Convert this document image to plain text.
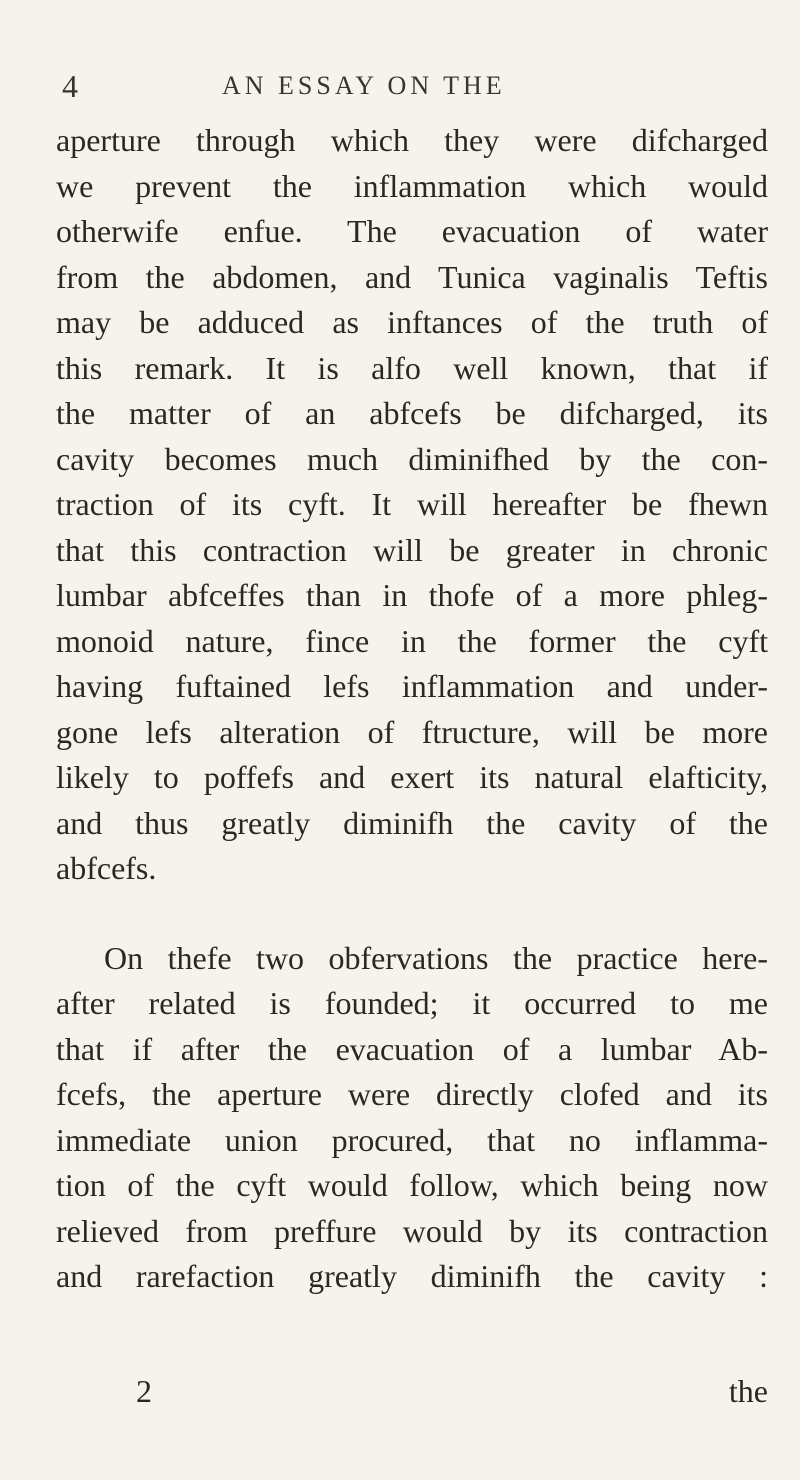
4	AN ESSAY ON THE
aperture through which they were difcharged
we prevent the inflammation which would
otherwife enfue. The evacuation of water
from the abdomen, and Tunica vaginalis Teftis
may be adduced as inftances of the truth of
this remark. It is alfo well known, that if
the matter of an abfcefs be difcharged, its
cavity becomes much diminifhed by the con-
traction of its cyft. It will hereafter be fhewn
that this contraction will be greater in chronic
lumbar abfceffes than in thofe of a more phleg-
monoid nature, fince in the former the cyft
having fuftained lefs inflammation and under-
gone lefs alteration of ftructure, will be more
likely to poffefs and exert its natural elafticity,
and thus greatly diminifh the cavity of the
abfcefs.
On thefe two obfervations the practice here-
after related is founded; it occurred to me
that if after the evacuation of a lumbar Ab-
fcefs, the aperture were directly clofed and its
immediate union procured, that no inflamma-
tion of the cyft would follow, which being now
relieved from preffure would by its contraction
and rarefaction greatly diminifh the cavity :
2	the
